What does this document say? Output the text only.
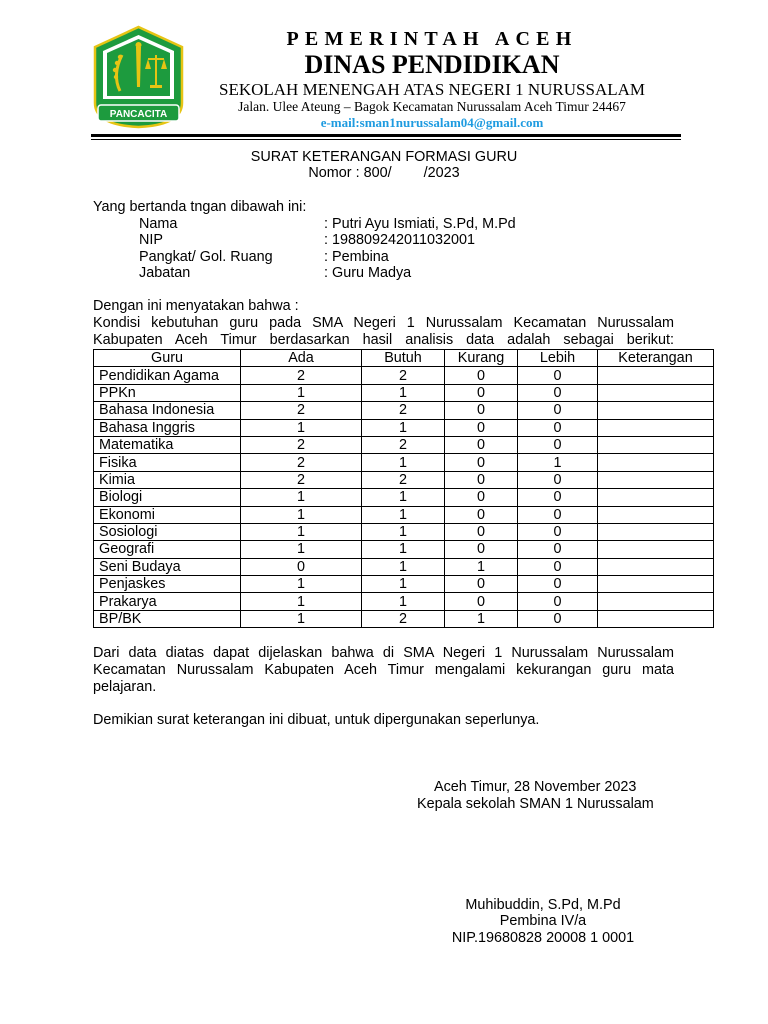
PANCACITA
PEMERINTAH ACEH
DINAS PENDIDIKAN
SEKOLAH MENENGAH ATAS NEGERI 1 NURUSSALAM
Jalan. Ulee Ateung – Bagok Kecamatan Nurussalam Aceh Timur 24467
e-mail:sman1nurussalam04@gmail.com
SURAT KETERANGAN FORMASI GURU
Nomor : 800/ /2023
Yang bertanda tngan dibawah ini:
Nama	: Putri Ayu Ismiati, S.Pd, M.Pd
NIP	: 198809242011032001
Pangkat/ Gol. Ruang	: Pembina
Jabatan	: Guru Madya
Dengan ini menyatakan bahwa :
Kondisi kebutuhan guru pada SMA Negeri 1 Nurussalam Kecamatan Nurussalam
Kabupaten Aceh Timur berdasarkan hasil analisis data adalah sebagai berikut:
Guru	Ada	Butuh	Kurang	Lebih	Keterangan
Pendidikan Agama	2	2	0	0	
PPKn	1	1	0	0	
Bahasa Indonesia	2	2	0	0	
Bahasa Inggris	1	1	0	0	
Matematika	2	2	0	0	
Fisika	2	1	0	1	
Kimia	2	2	0	0	
Biologi	1	1	0	0	
Ekonomi	1	1	0	0	
Sosiologi	1	1	0	0	
Geografi	1	1	0	0	
Seni Budaya	0	1	1	0	
Penjaskes	1	1	0	0	
Prakarya	1	1	0	0	
BP/BK	1	2	1	0	
Dari data diatas dapat dijelaskan bahwa di SMA Negeri 1 Nurussalam Nurussalam
Kecamatan Nurussalam Kabupaten Aceh Timur mengalami kekurangan guru mata
pelajaran.
Demikian surat keterangan ini dibuat, untuk dipergunakan seperlunya.
Aceh Timur, 28 November 2023
Kepala sekolah SMAN 1 Nurussalam
Muhibuddin, S.Pd, M.Pd
Pembina IV/a
NIP.19680828 20008 1 0001
